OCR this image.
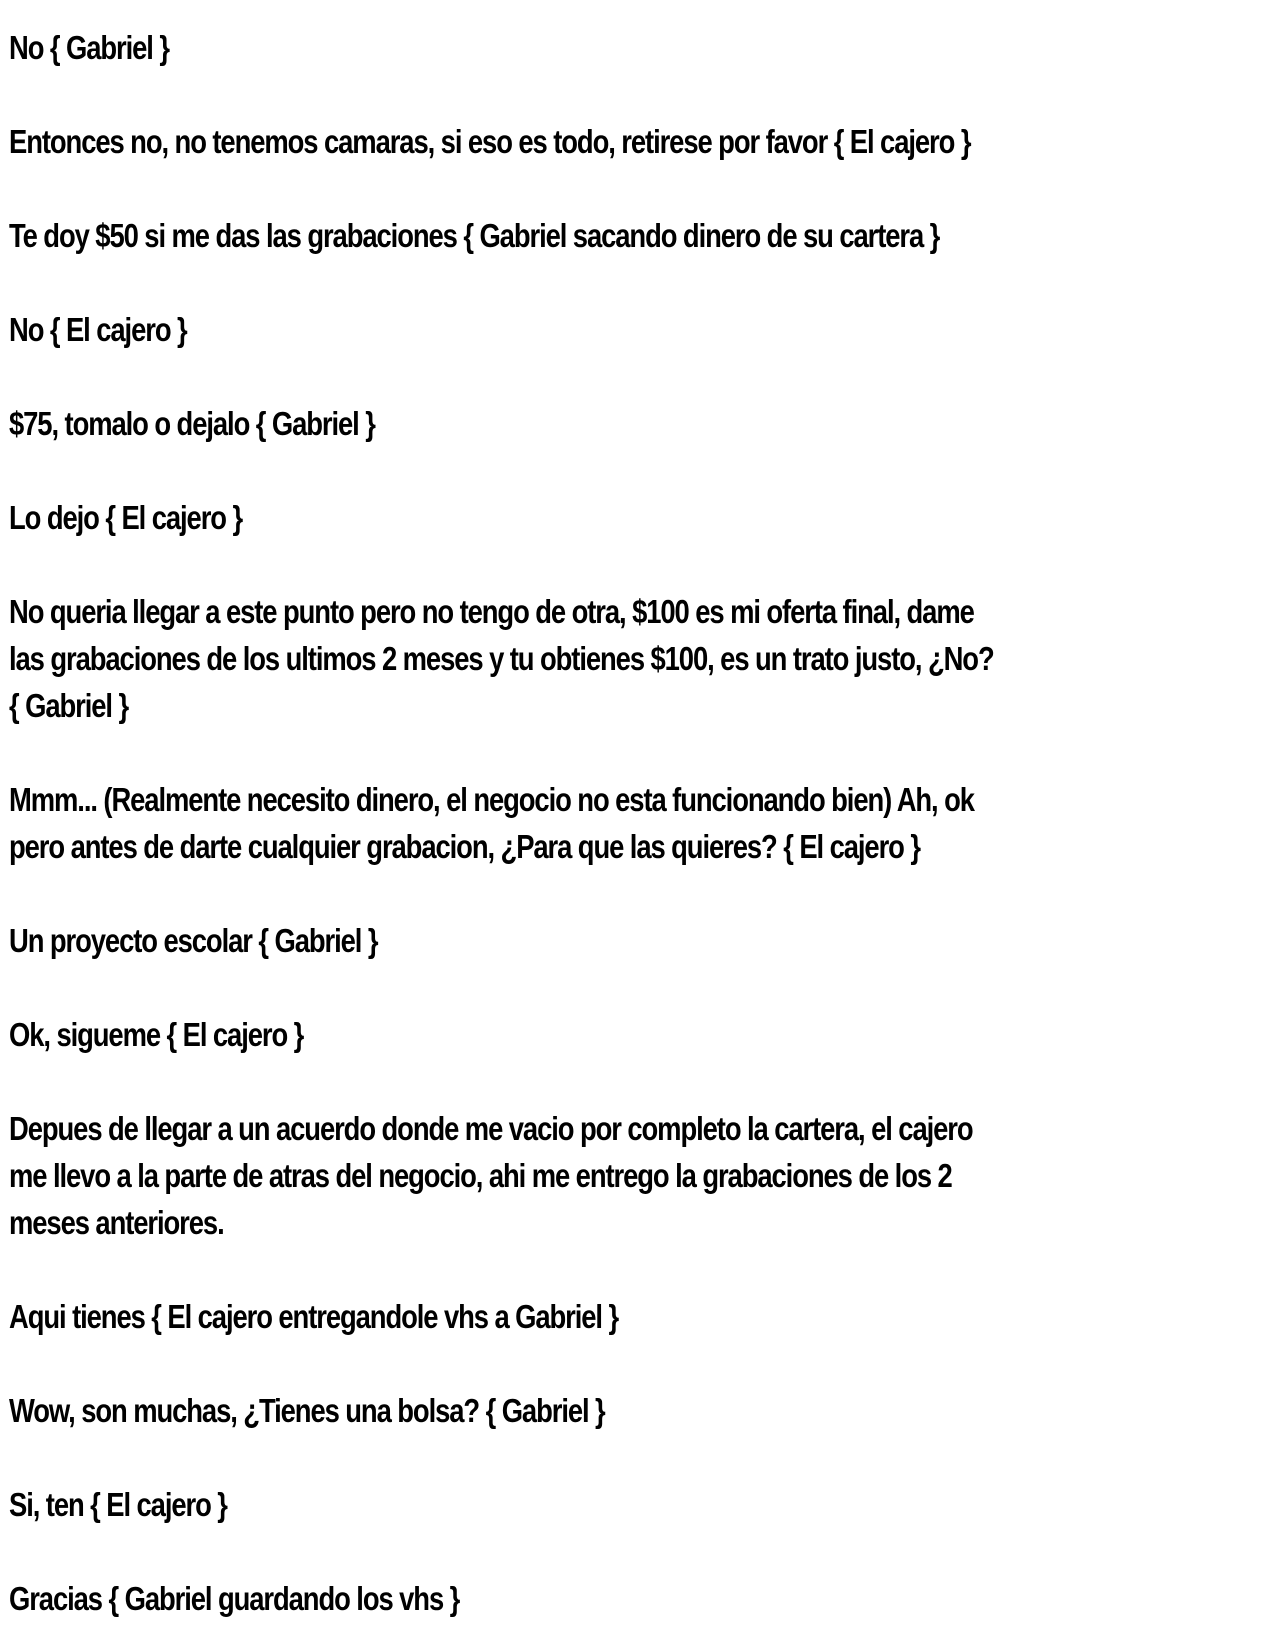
No { Gabriel }

Entonces no, no tenemos camaras, si eso es todo, retirese por favor { El cajero }

Te doy $50 si me das las grabaciones { Gabriel sacando dinero de su cartera }

No { El cajero }

$75, tomalo o dejalo { Gabriel }

Lo dejo { El cajero }

No queria llegar a este punto pero no tengo de otra, $100 es mi oferta final, dame
las grabaciones de los ultimos 2 meses y tu obtienes $100, es un trato justo, ¿No?
{ Gabriel }

Mmm... (Realmente necesito dinero, el negocio no esta funcionando bien) Ah, ok
pero antes de darte cualquier grabacion, ¿Para que las quieres? { El cajero }

Un proyecto escolar { Gabriel }

Ok, sigueme { El cajero }

Depues de llegar a un acuerdo donde me vacio por completo la cartera, el cajero
me llevo a la parte de atras del negocio, ahi me entrego la grabaciones de los 2
meses anteriores.

Aqui tienes { El cajero entregandole vhs a Gabriel }

Wow, son muchas, ¿Tienes una bolsa? { Gabriel }

Si, ten { El cajero }

Gracias { Gabriel guardando los vhs }
